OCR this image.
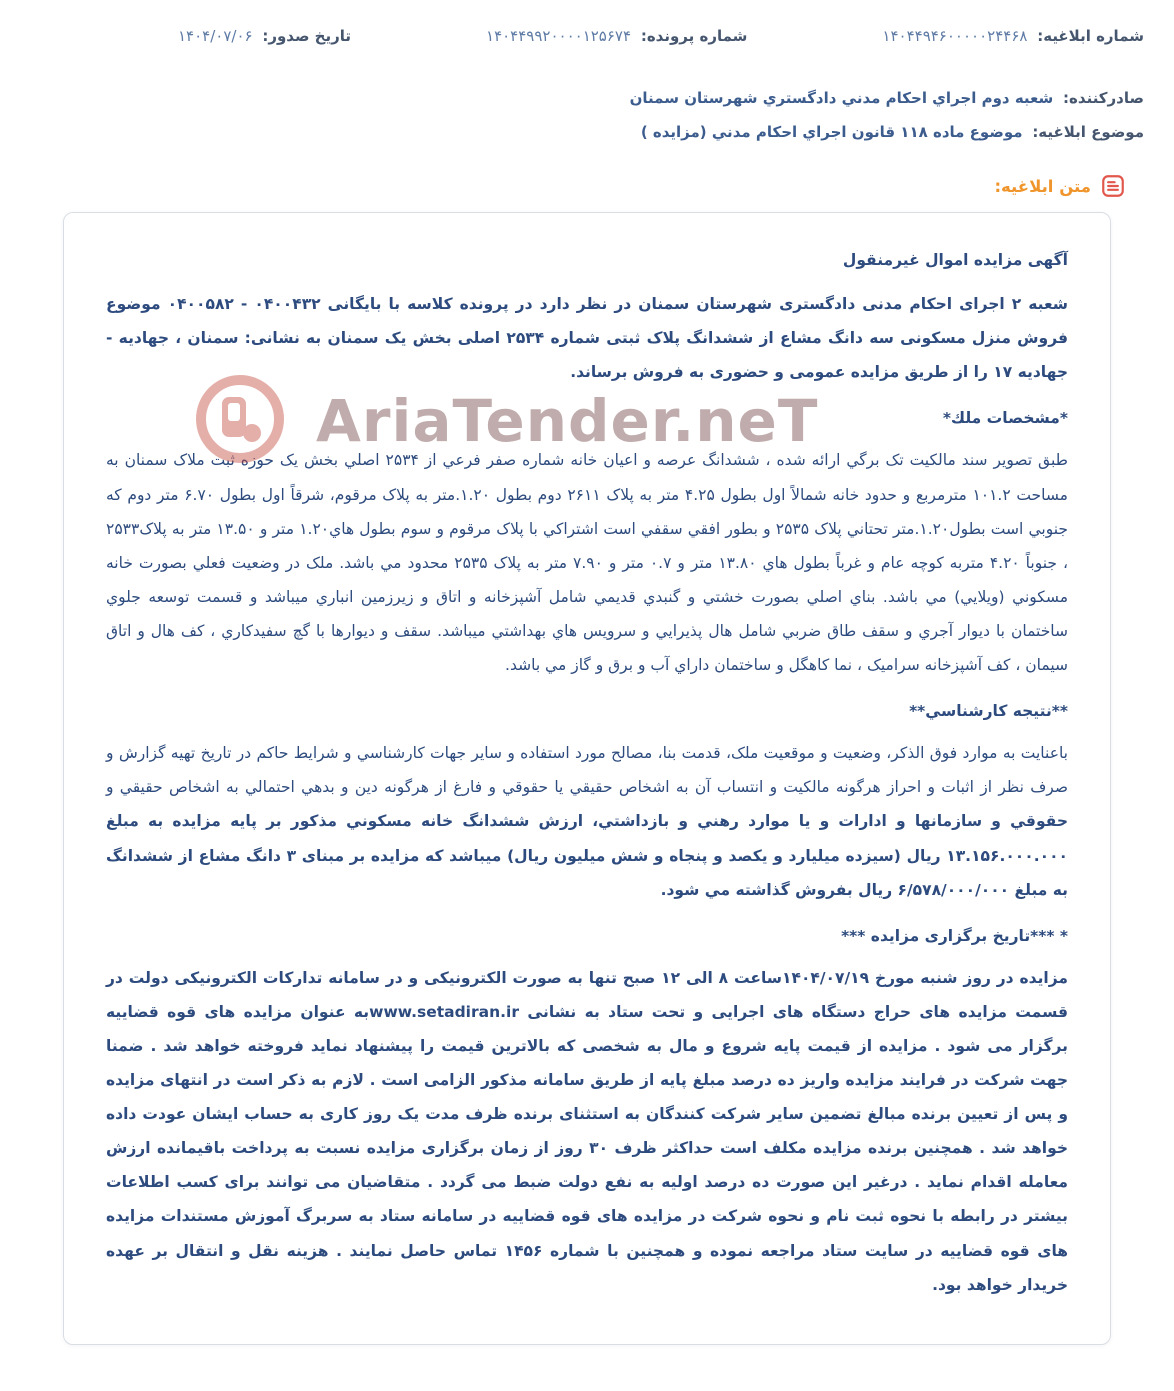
شماره ابلاغیه: ۱۴۰۴۴۹۴۶۰۰۰۰۰۲۴۴۶۸
شماره پرونده: ۱۴۰۴۴۹۹۲۰۰۰۰۱۲۵۶۷۴
تاریخ صدور: ۱۴۰۴/۰۷/۰۶
صادرکننده: شعبه دوم اجراي احکام مدني دادگستري شهرستان سمنان
موضوع ابلاغیه: موضوع ماده ۱۱۸ قانون اجراي احکام مدني (مزایده )
متن ابلاغیه:
AriaTender.neT
آگهی مزایده اموال غیرمنقول

شعبه ۲ اجرای احکام مدنی دادگستری شهرستان سمنان در نظر دارد در پرونده کلاسه با بایگانی ۰۴۰۰۴۳۲ - ۰۴۰۰۵۸۲ موضوع فروش منزل مسکونی سه دانگ مشاع از ششدانگ پلاک ثبتی شماره ۲۵۳۴ اصلی بخش یک سمنان به نشانی: سمنان ، جهادیه - جهادیه ۱۷ را از طریق مزایده عمومی و حضوری به فروش برساند.

*مشخصات ملك*

طبق تصویر سند مالکیت تک برگي ارائه شده ، ششدانگ عرصه و اعیان خانه شماره صفر فرعي از ۲۵۳۴ اصلي بخش یک حوزه ثبت ملاک سمنان به مساحت ۱۰۱.۲ مترمربع و حدود خانه شمالاً اول بطول ۴.۲۵ متر به پلاک ۲۶۱۱ دوم بطول ۱.۲۰.متر به پلاک مرقوم، شرقاً اول بطول ۶.۷۰ متر دوم که جنوبي است بطول۱.۲۰.متر تحتاني پلاک ۲۵۳۵ و بطور افقي سقفي است اشتراکي با پلاک مرقوم و سوم بطول هاي۱.۲۰ متر و ۱۳.۵۰ متر به پلاک۲۵۳۳ ، جنوباً ۴.۲۰ متربه کوچه عام و غرباً بطول هاي ۱۳.۸۰ متر و ۰.۷ متر و ۷.۹۰ متر به پلاک ۲۵۳۵ محدود مي باشد. ملک در وضعیت فعلي بصورت خانه مسکوني (ویلایي) مي باشد. بناي اصلي بصورت خشتي و گنبدي قدیمي شامل آشپزخانه و اتاق و زیرزمین انباري میباشد و قسمت توسعه جلوي ساختمان با دیوار آجري و سقف طاق ضربي شامل هال پذیرایي و سرویس هاي بهداشتي میباشد. سقف و دیوارها با گچ سفیدکاري ، کف هال و اتاق سیمان ، کف آشپزخانه سرامیک ، نما کاهگل و ساختمان داراي آب و برق و گاز مي باشد.

**نتیجه کارشناسي**

باعنایت به موارد فوق الذکر، وضعیت و موقعیت ملک، قدمت بنا، مصالح مورد استفاده و سایر جهات کارشناسي و شرایط حاکم در تاریخ تهیه گزارش و صرف نظر از اثبات و احراز هرگونه مالکیت و انتساب آن به اشخاص حقیقي یا حقوقي و فارغ از هرگونه دین و بدهي احتمالي به اشخاص حقیقي و حقوقي و سازمانها و ادارات و یا موارد رهني و بازداشتي، ارزش ششدانگ خانه مسکوني مذکور بر پایه مزایده به مبلغ ۱۳.۱۵۶.۰۰۰.۰۰۰ ریال (سیزده میلیارد و یکصد و پنجاه و شش میلیون ریال) میباشد که مزایده بر مبنای ۳ دانگ مشاع از ششدانگ به مبلغ ۶/۵۷۸/۰۰۰/۰۰۰ ریال بفروش گذاشته مي شود.

* ***تاریخ برگزاری مزایده ***

مزایده در روز شنبه مورخ ۱۴۰۴/۰۷/۱۹ساعت ۸ الی ۱۲ صبح تنها به صورت الکترونیکی و در سامانه تدارکات الکترونیکی دولت در قسمت مزایده های حراج دستگاه های اجرایی و تحت ستاد به نشانی www.setadiran.irبه عنوان مزایده های قوه قضاییه برگزار می شود . مزایده از قیمت پایه شروع و مال به شخصی که بالاترین قیمت را پیشنهاد نماید فروخته خواهد شد . ضمنا جهت شرکت در فرایند مزایده واریز ده درصد مبلغ پایه از طریق سامانه مذکور الزامی است . لازم به ذکر است در انتهای مزایده و پس از تعیین برنده مبالغ تضمین سایر شرکت کنندگان به استثنای برنده ظرف مدت یک روز کاری به حساب ایشان عودت داده خواهد شد . همچنین برنده مزایده مکلف است حداکثر ظرف ۳۰ روز از زمان برگزاری مزایده نسبت به پرداخت باقیمانده ارزش معامله اقدام نماید . درغیر این صورت ده درصد اولیه به نفع دولت ضبط می گردد . متقاضیان می توانند برای کسب اطلاعات بیشتر در رابطه با نحوه ثبت نام و نحوه شرکت در مزایده های قوه قضاییه در سامانه ستاد به سربرگ آموزش مستندات مزایده های قوه قضاییه در سایت ستاد مراجعه نموده و همچنین با شماره ۱۴۵۶ تماس حاصل نمایند . هزینه نقل و انتقال بر عهده خریدار خواهد بود.
